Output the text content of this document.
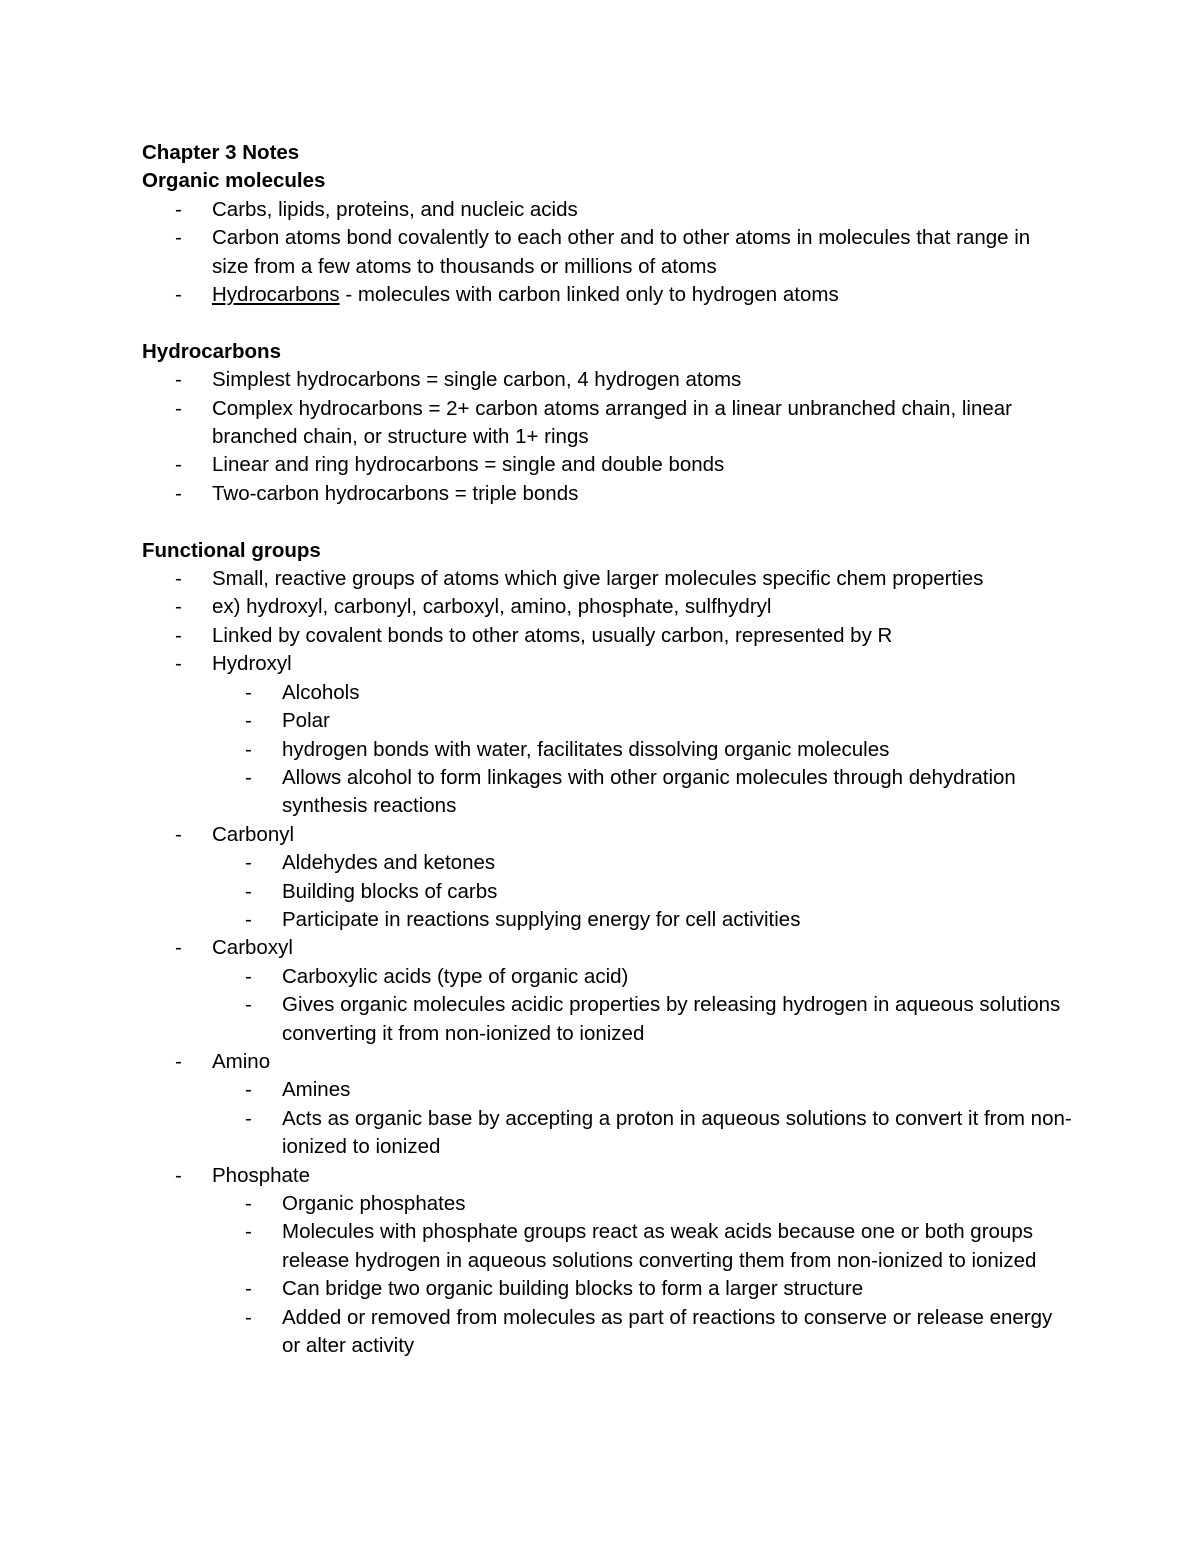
Chapter 3 Notes
Organic molecules
- Carbs, lipids, proteins, and nucleic acids
- Carbon atoms bond covalently to each other and to other atoms in molecules that range in size from a few atoms to thousands or millions of atoms
- Hydrocarbons - molecules with carbon linked only to hydrogen atoms
Hydrocarbons
- Simplest hydrocarbons = single carbon, 4 hydrogen atoms
- Complex hydrocarbons = 2+ carbon atoms arranged in a linear unbranched chain, linear branched chain, or structure with 1+ rings
- Linear and ring hydrocarbons = single and double bonds
- Two-carbon hydrocarbons = triple bonds
Functional groups
- Small, reactive groups of atoms which give larger molecules specific chem properties
- ex) hydroxyl, carbonyl, carboxyl, amino, phosphate, sulfhydryl
- Linked by covalent bonds to other atoms, usually carbon, represented by R
- Hydroxyl
- Alcohols
- Polar
- hydrogen bonds with water, facilitates dissolving organic molecules
- Allows alcohol to form linkages with other organic molecules through dehydration synthesis reactions
- Carbonyl
- Aldehydes and ketones
- Building blocks of carbs
- Participate in reactions supplying energy for cell activities
- Carboxyl
- Carboxylic acids (type of organic acid)
- Gives organic molecules acidic properties by releasing hydrogen in aqueous solutions converting it from non-ionized to ionized
- Amino
- Amines
- Acts as organic base by accepting a proton in aqueous solutions to convert it from non-ionized to ionized
- Phosphate
- Organic phosphates
- Molecules with phosphate groups react as weak acids because one or both groups release hydrogen in aqueous solutions converting them from non-ionized to ionized
- Can bridge two organic building blocks to form a larger structure
- Added or removed from molecules as part of reactions to conserve or release energy or alter activity
